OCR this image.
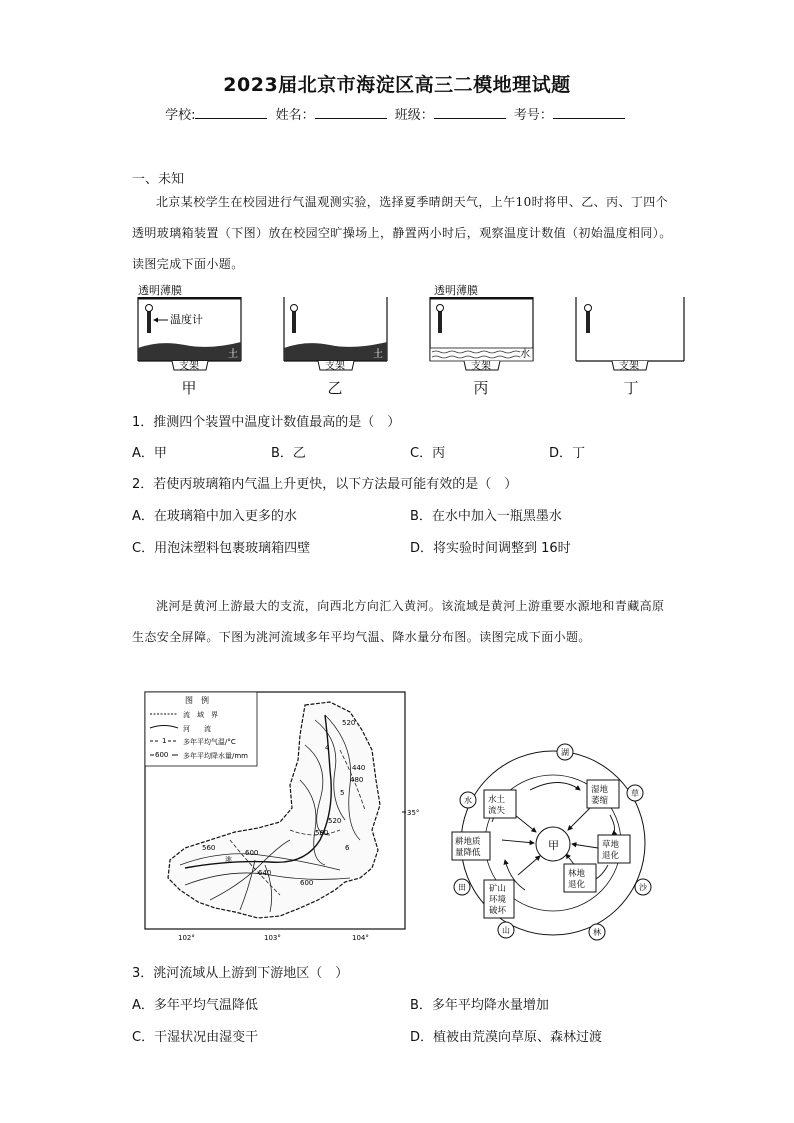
2023届北京市海淀区高三二模地理试题
学校:	姓名：	班级：	考号：
一、未知
北京某校学生在校园进行气温观测实验，选择夏季晴朗天气，上午10时将甲、乙、丙、丁四个透明玻璃箱装置（下图）放在校园空旷操场上，静置两小时后，观察温度计数值（初始温度相同）。读图完成下面小题。
透明薄膜
温度计
土
支架
土
支架
透明薄膜
水
支架	支架
甲	乙	丙	丁
1．推测四个装置中温度计数值最高的是（　）
A．甲	B．乙	C．丙	D．丁
2．若使丙玻璃箱内气温上升更快，以下方法最可能有效的是（　）
A．在玻璃箱中加入更多的水	B．在水中加入一瓶黑墨水
C．用泡沫塑料包裹玻璃箱四壁	D．将实验时间调整到 16时
洮河是黄河上游最大的支流，向西北方向汇入黄河。该流域是黄河上游重要水源地和青藏高原生态安全屏障。下图为洮河流域多年平均气温、降水量分布图。读图完成下面小题。
图　例
流　域　界
河　　流
1 多年平均气温/°C
600 多年平均降水量/mm
520
440
480
560
600
520
640
560
600
洮
6
5
4
35°
102°	103°	104°
甲
水土
流失
湿地
萎缩
草地
退化
林地
退化
矿山
环境
破坏
耕地质
量降低
湖
草
沙
林
山
田
水
3．洮河流域从上游到下游地区（　）
A．多年平均气温降低	B．多年平均降水量增加
C．干湿状况由湿变干	D．植被由荒漠向草原、森林过渡
